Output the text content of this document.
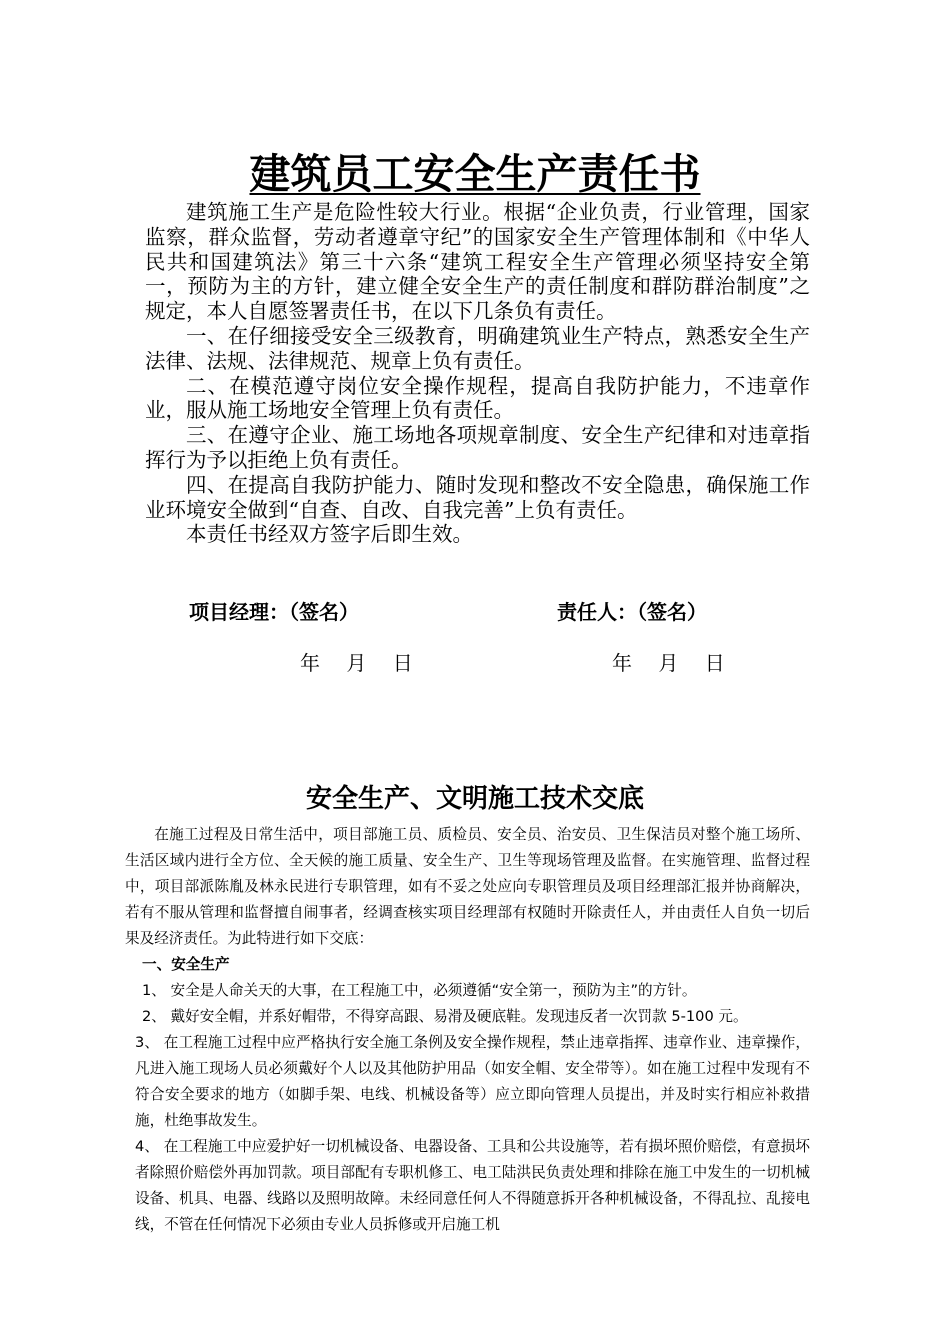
建筑员工安全生产责任书

建筑施工生产是危险性较大行业。根据“企业负责，行业管理，国家监察，群众监督，劳动者遵章守纪”的国家安全生产管理体制和《中华人民共和国建筑法》第三十六条“建筑工程安全生产管理必须坚持安全第一，预防为主的方针，建立健全安全生产的责任制度和群防群治制度”之规定，本人自愿签署责任书，在以下几条负有责任。

一、在仔细接受安全三级教育，明确建筑业生产特点，熟悉安全生产法律、法规、法律规范、规章上负有责任。

二、在模范遵守岗位安全操作规程，提高自我防护能力，不违章作业，服从施工场地安全管理上负有责任。

三、在遵守企业、施工场地各项规章制度、安全生产纪律和对违章指挥行为予以拒绝上负有责任。

四、在提高自我防护能力、随时发现和整改不安全隐患，确保施工作业环境安全做到“自查、自改、自我完善”上负有责任。

本责任书经双方签字后即生效。

项目经理：（签名）	责任人：（签名）
年 月 日	年 月 日
安全生产、文明施工技术交底

在施工过程及日常生活中，项目部施工员、质检员、安全员、治安员、卫生保洁员对整个施工场所、生活区域内进行全方位、全天候的施工质量、安全生产、卫生等现场管理及监督。在实施管理、监督过程中，项目部派陈胤及林永民进行专职管理，如有不妥之处应向专职管理员及项目经理部汇报并协商解决，若有不服从管理和监督擅自闹事者，经调查核实项目经理部有权随时开除责任人，并由责任人自负一切后果及经济责任。为此特进行如下交底：

一、安全生产

1、 安全是人命关天的大事，在工程施工中，必须遵循“安全第一，预防为主”的方针。

2、 戴好安全帽，并系好帽带，不得穿高跟、易滑及硬底鞋。发现违反者一次罚款 5-100 元。

3、 在工程施工过程中应严格执行安全施工条例及安全操作规程，禁止违章指挥、违章作业、违章操作，凡进入施工现场人员必须戴好个人以及其他防护用品（如安全帽、安全带等）。如在施工过程中发现有不符合安全要求的地方（如脚手架、电线、机械设备等）应立即向管理人员提出，并及时实行相应补救措施，杜绝事故发生。

4、 在工程施工中应爱护好一切机械设备、电器设备、工具和公共设施等，若有损坏照价赔偿，有意损坏者除照价赔偿外再加罚款。项目部配有专职机修工、电工陆洪民负责处理和排除在施工中发生的一切机械设备、机具、电器、线路以及照明故障。未经同意任何人不得随意拆开各种机械设备，不得乱拉、乱接电线，不管在任何情况下必须由专业人员拆修或开启施工机
